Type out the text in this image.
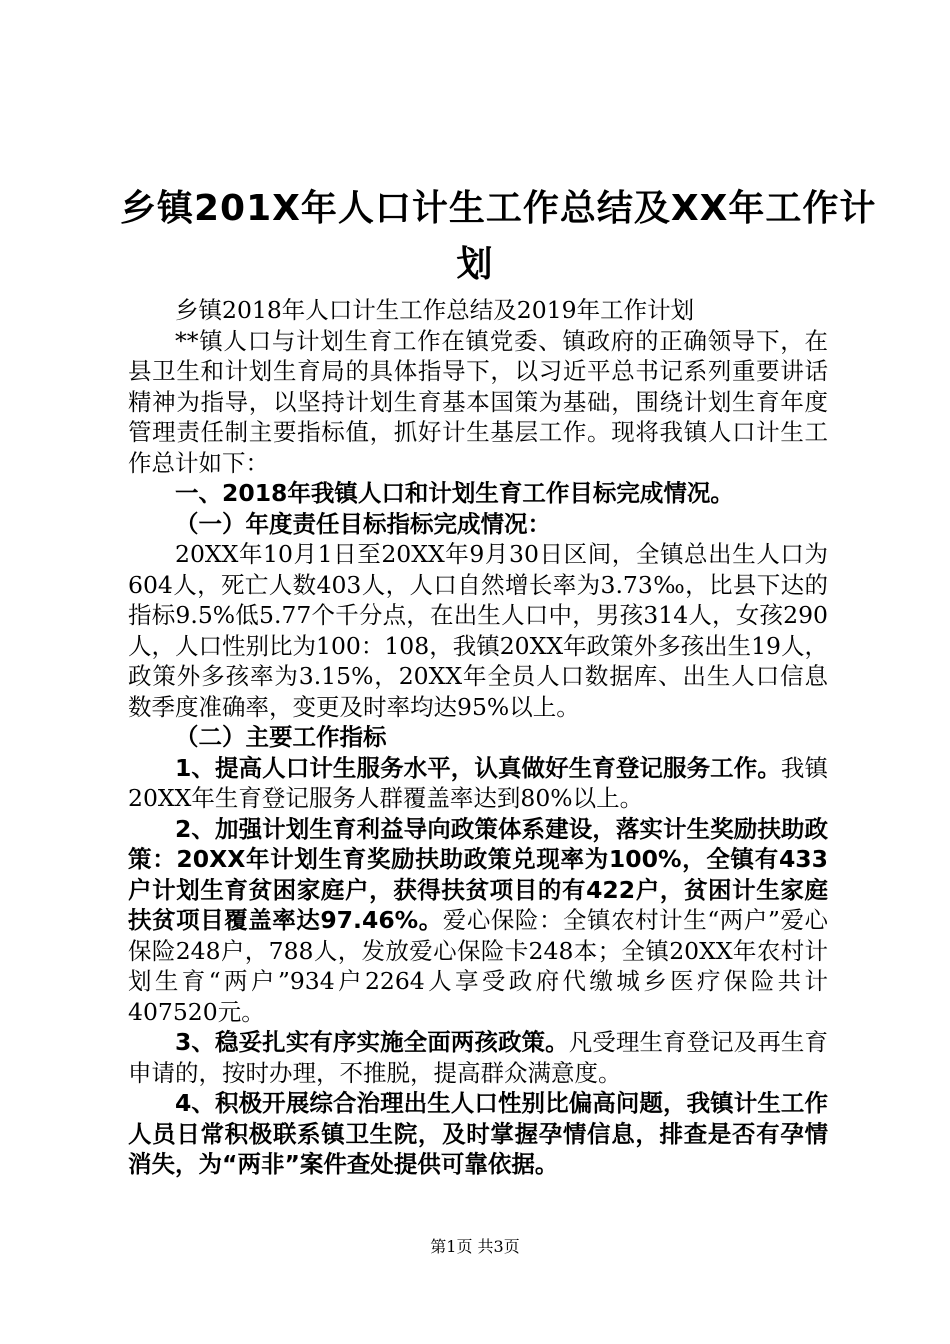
乡镇201X年人口计生工作总结及XX年工作计
划

乡镇2018年人口计生工作总结及2019年工作计划

**镇人口与计划生育工作在镇党委、镇政府的正确领导下，在县卫生和计划生育局的具体指导下，以习近平总书记系列重要讲话精神为指导，以坚持计划生育基本国策为基础，围绕计划生育年度管理责任制主要指标值，抓好计生基层工作。现将我镇人口计生工作总计如下：

一、2018年我镇人口和计划生育工作目标完成情况。

（一）年度责任目标指标完成情况：

20XX年10月1日至20XX年9月30日区间，全镇总出生人口为604人，死亡人数403人，人口自然增长率为3.73‰，比县下达的指标9.5%低5.77个千分点，在出生人口中，男孩314人，女孩290人，人口性别比为100：108，我镇20XX年政策外多孩出生19人，政策外多孩率为3.15%，20XX年全员人口数据库、出生人口信息数季度准确率，变更及时率均达95%以上。

（二）主要工作指标

1、提高人口计生服务水平，认真做好生育登记服务工作。我镇20XX年生育登记服务人群覆盖率达到80%以上。

2、加强计划生育利益导向政策体系建设，落实计生奖励扶助政策：20XX年计划生育奖励扶助政策兑现率为100%，全镇有433户计划生育贫困家庭户，获得扶贫项目的有422户，贫困计生家庭扶贫项目覆盖率达97.46%。爱心保险：全镇农村计生“两户”爱心保险248户，788人，发放爱心保险卡248本；全镇20XX年农村计划生育“两户”934户2264人享受政府代缴城乡医疗保险共计407520元。

3、稳妥扎实有序实施全面两孩政策。凡受理生育登记及再生育申请的，按时办理，不推脱，提高群众满意度。

4、积极开展综合治理出生人口性别比偏高问题，我镇计生工作人员日常积极联系镇卫生院，及时掌握孕情信息，排查是否有孕情消失，为“两非”案件查处提供可靠依据。

第1页 共3页
